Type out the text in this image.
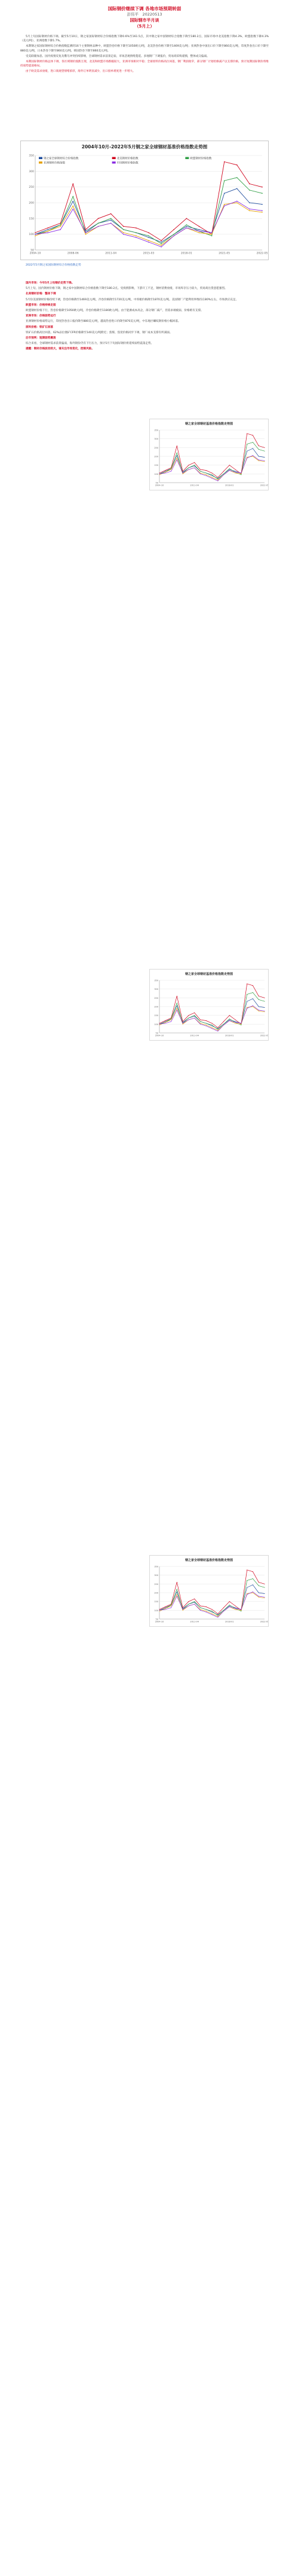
国际钢价继续下调 各地市场预期转弱
彭伟平　20220513
国际钢市半月谈
（5月上）

5月上旬国际钢材价格下调。截至5月10日，钢之家国际钢材综合价格指数下降0.6%至161.5点，其中钢之家中国钢材综合指数下降至180.2点，国际市场中北美指数下降4.3%，欧盟指数下降4.3%（美元/吨），亚洲指数下降1.7%。

本期钢之家国际钢材综合价格指数监测的16个主要钢材品种中，欧盟热卷价格下降至1050欧元/吨，北美热卷价格下降至1469美元/吨；亚洲热卷中国出口价下降至860美元/吨，印度热卷出口价下降至880美元/吨，日本热卷下降至860美元/吨，韩国热卷下降至860美元/吨。

受美联储加息、国内疫情反复及俄乌冲突持续影响，全球钢材需求前景走弱，市场悲观情绪蔓延。多地钢厂下调报价，贸易商采购谨慎，整体成交偏弱。

本期国际钢材价格总体下调，各区域钢价涨跌互现，北美和欧盟市场跌幅较大，亚洲市场相对平稳；全球原料价格高位回落，钢厂利润收窄，部分钢厂计划检修减产以支撑价格，预计短期国际钢价将维持弱势震荡格局。

由于欧美需求放缓，进口商观望情绪浓厚，海外订单明显减少，出口接单难度进一步增大。

2004年10月-2022年5月钢之家全球钢材基准价格指数走势图
50
100
150
200
250
300
350
2004-10	2008-06	2011-04	2015-03	2018-01	2021-05	2022-05
钢之家全球钢材综合价格指数	北美钢材价格指数	欧盟钢材价格指数
亚洲钢材价格指数	中国钢材价格指数

2022年5月钢之家国际钢材综合价格指数走势

国内市场：今年5月上旬钢价走势下降。

5月上旬，国内钢材价格下降，钢之家中国钢材综合价格指数下降至180.2点。受疫情影响，下游开工不足，钢材消费放缓，市场库存压力较大，贸易商出货意愿强烈。

北美钢材价格：整体下调

5月份美国钢材价格持续下调，热卷价格降至1469美元/吨，冷卷价格降至1720美元/吨，中厚板价格降至1870美元/吨。美国钢厂产能利用率维持在80%左右，市场供应充足。

欧盟市场：价格持续走弱

欧盟钢材价格下行，热卷价格降至1050欧元/吨，冷卷价格降至1180欧元/吨。由于能源成本高企，部分钢厂减产，但需求端疲弱，价格难有支撑。

亚洲市场：价格弱势运行

亚洲钢材价格弱势运行，印度热卷出口报价降至880美元/吨，越南热卷进口价降至870美元/吨，中东地区螺纹钢价格小幅回落。

原料价格：铁矿石回落

铁矿石价格高位回落，62%品位澳矿CFR价格降至140美元/吨附近；焦煤、焦炭价格同步下调，钢厂成本支撑有所减弱。

后市预判：短期弱势震荡

综合来看，全球钢材需求前景偏弱，海外钢价仍有下行压力，预计5月下旬国际钢价将延续弱势震荡走势。

提醒：钢材价格波动较大，请关注市场变化，控制风险。

钢之家全球钢材基准价格指数走势图
50
100
150
200
250
300
350
2004-10	2011-04	2018-01	2022-05
钢之家全球钢材基准价格指数走势图
50
100
150
200
250
300
350
2004-10	2011-04	2018-01	2022-05
钢之家全球钢材基准价格指数走势图
50
100
150
200
250
300
350
2004-10	2011-04	2018-01	2022-05
